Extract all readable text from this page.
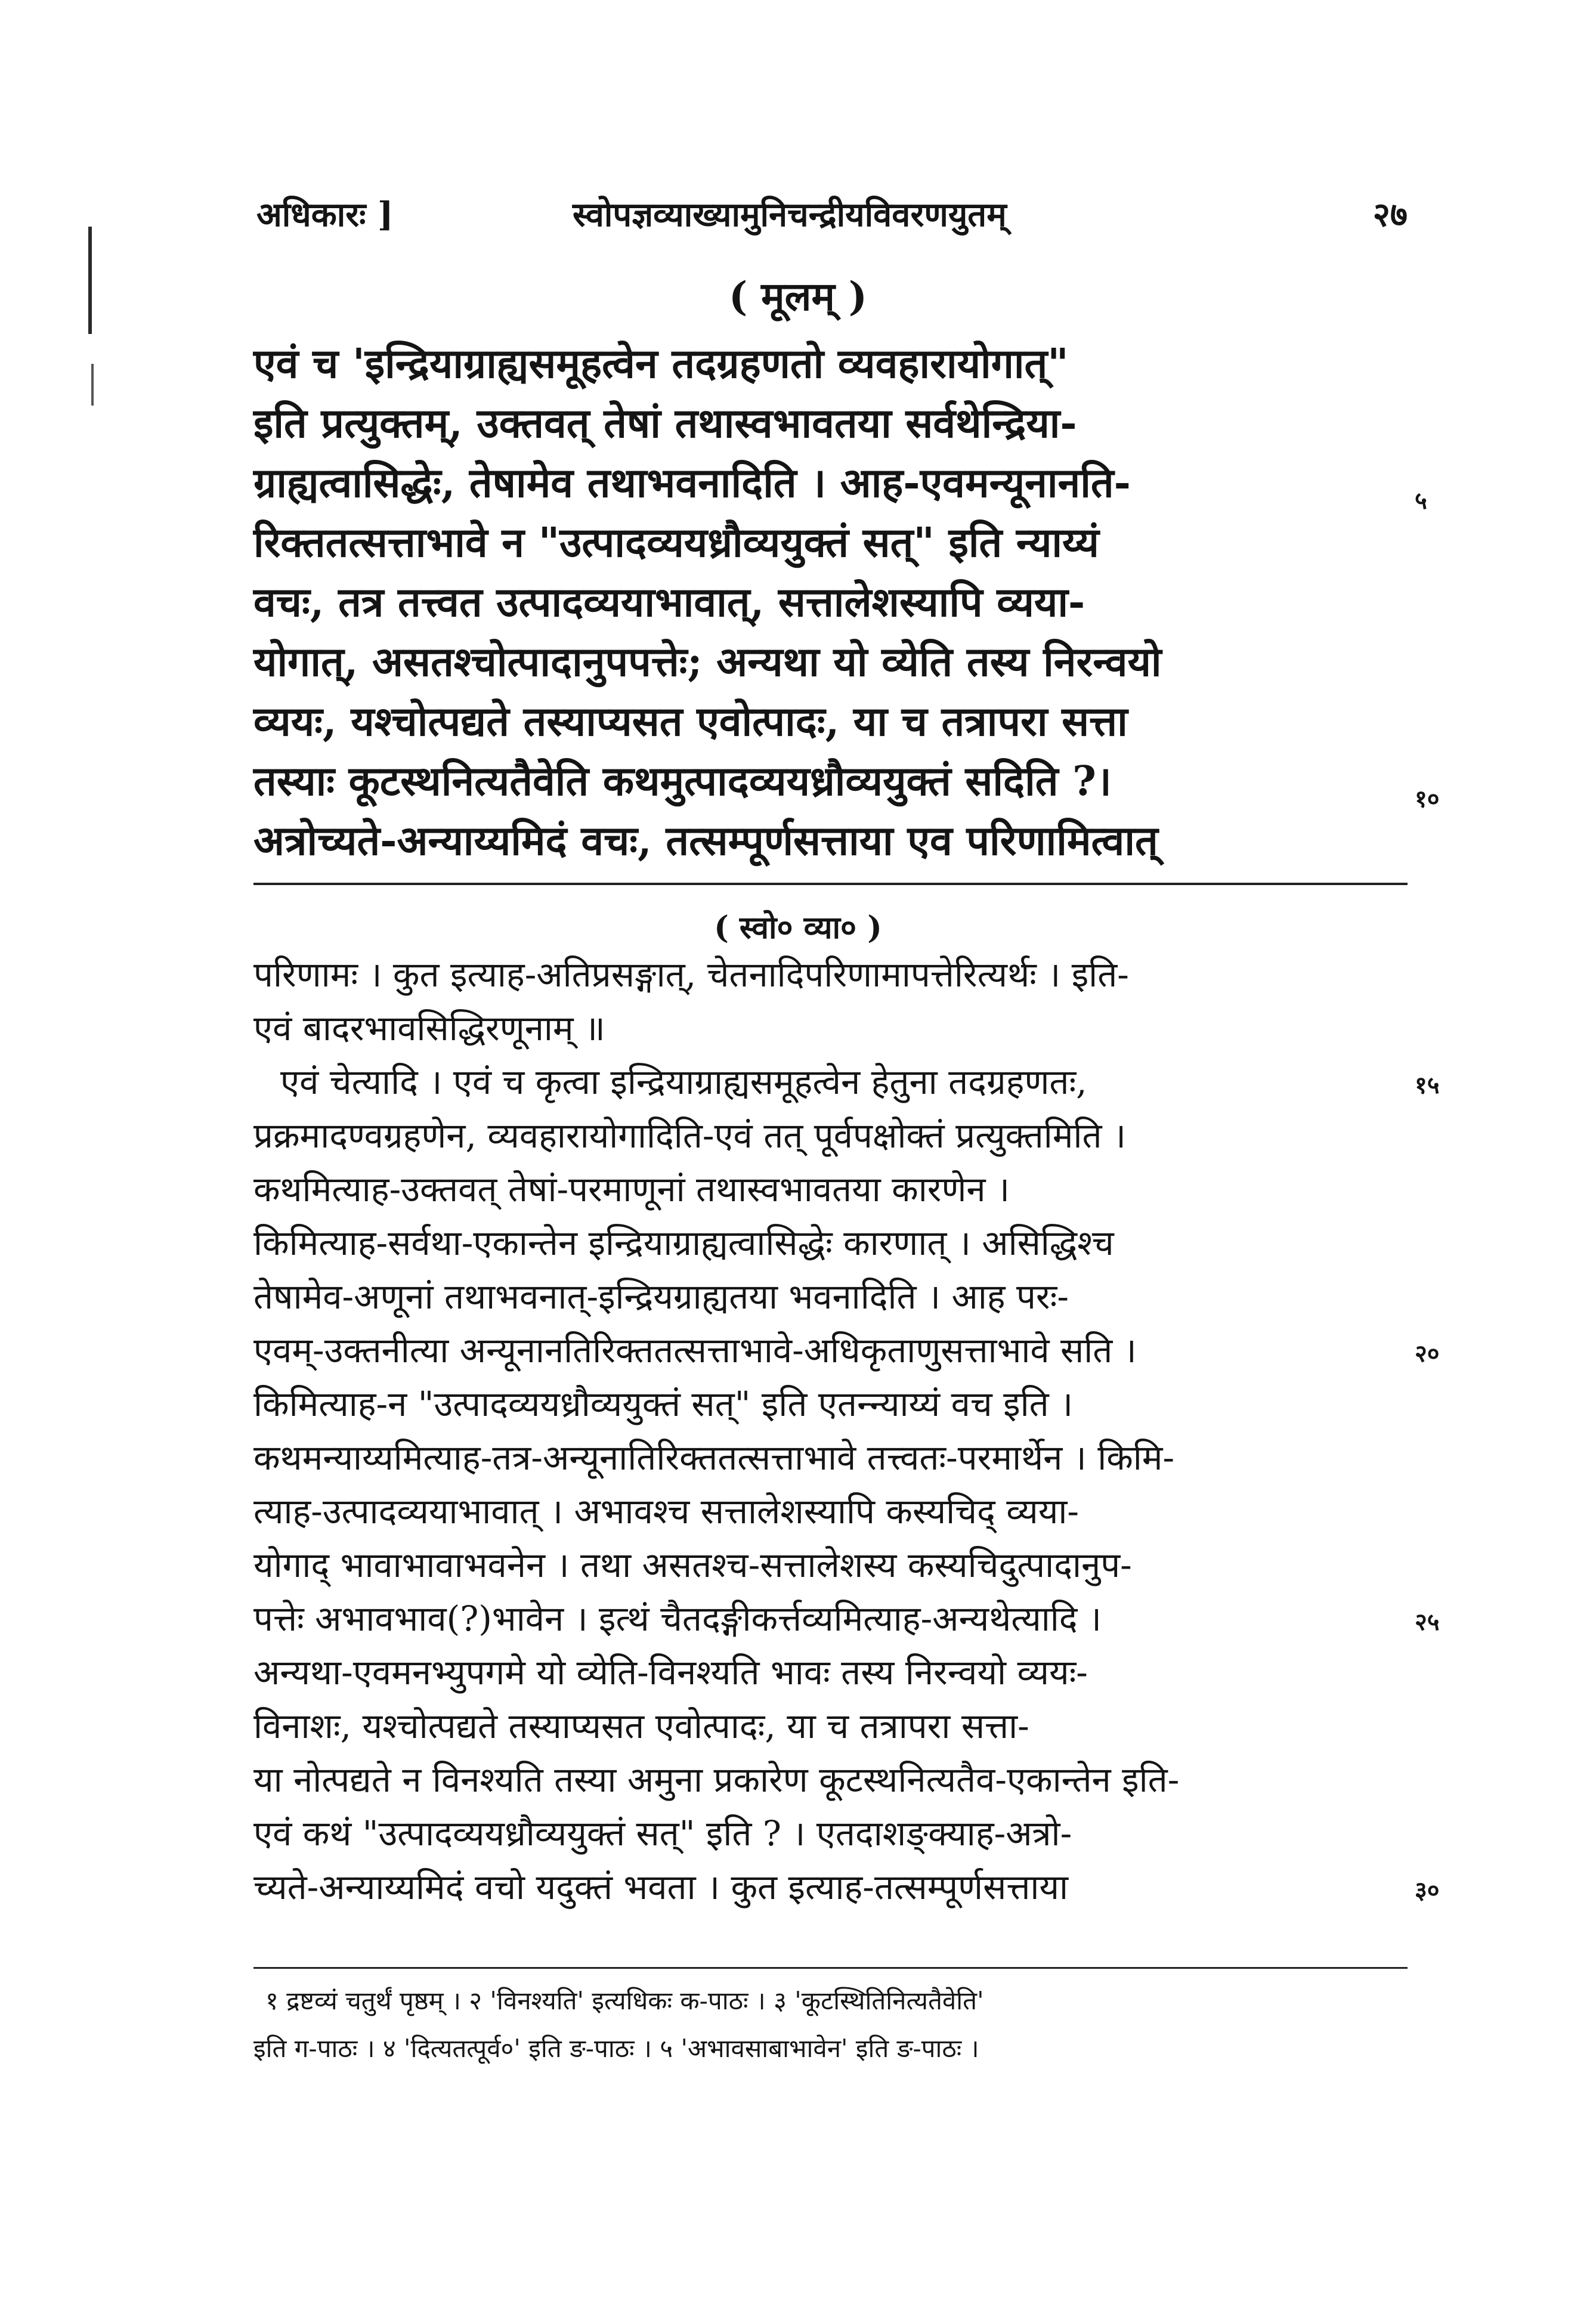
अधिकारः ]	स्वोपज्ञव्याख्यामुनिचन्द्रीयविवरणयुतम्	२७
( मूलम् )
एवं च 'इन्द्रियाग्राह्यसमूहत्वेन तदग्रहणतो व्यवहारायोगात्"
इति प्रत्युक्तम्, उक्तवत् तेषां तथास्वभावतया सर्वथेन्द्रिया-
ग्राह्यत्वासिद्धेः, तेषामेव तथाभवनादिति । आह-एवमन्यूनानति-
रिक्ततत्सत्ताभावे न "उत्पादव्ययध्रौव्ययुक्तं सत्" इति न्याय्यं
वचः, तत्र तत्त्वत उत्पादव्ययाभावात्, सत्तालेशस्यापि व्यया-
योगात्, असतश्चोत्पादानुपपत्तेः; अन्यथा यो व्येति तस्य निरन्वयो
व्ययः, यश्चोत्पद्यते तस्याप्यसत एवोत्पादः, या च तत्रापरा सत्ता
तस्याः कूटस्थनित्यतैवेति कथमुत्पादव्ययध्रौव्ययुक्तं सदिति ?।
अत्रोच्यते-अन्याय्यमिदं वचः, तत्सम्पूर्णसत्ताया एव परिणामित्वात्
( स्वो० व्या० )
परिणामः । कुत इत्याह-अतिप्रसङ्गात्, चेतनादिपरिणामापत्तेरित्यर्थः । इति-
एवं बादरभावसिद्धिरणूनाम् ॥
एवं चेत्यादि । एवं च कृत्वा इन्द्रियाग्राह्यसमूहत्वेन हेतुना तदग्रहणतः,
प्रक्रमादण्वग्रहणेन, व्यवहारायोगादिति-एवं तत् पूर्वपक्षोक्तं प्रत्युक्तमिति ।
कथमित्याह-उक्तवत् तेषां-परमाणूनां तथास्वभावतया कारणेन ।
किमित्याह-सर्वथा-एकान्तेन इन्द्रियाग्राह्यत्वासिद्धेः कारणात् । असिद्धिश्च
तेषामेव-अणूनां तथाभवनात्-इन्द्रियग्राह्यतया भवनादिति । आह परः-
एवम्-उक्तनीत्या अन्यूनानतिरिक्ततत्सत्ताभावे-अधिकृताणुसत्ताभावे सति ।
किमित्याह-न "उत्पादव्ययध्रौव्ययुक्तं सत्" इति एतन्न्याय्यं वच इति ।
कथमन्याय्यमित्याह-तत्र-अन्यूनातिरिक्ततत्सत्ताभावे तत्त्वतः-परमार्थेन । किमि-
त्याह-उत्पादव्ययाभावात् । अभावश्च सत्तालेशस्यापि कस्यचिद् व्यया-
योगाद् भावाभावाभवनेन । तथा असतश्च-सत्तालेशस्य कस्यचिदुत्पादानुप-
पत्तेः अभावभाव(?)भावेन । इत्थं चैतदङ्गीकर्त्तव्यमित्याह-अन्यथेत्यादि ।
अन्यथा-एवमनभ्युपगमे यो व्येति-विनश्यति भावः तस्य निरन्वयो व्ययः-
विनाशः, यश्चोत्पद्यते तस्याप्यसत एवोत्पादः, या च तत्रापरा सत्ता-
या नोत्पद्यते न विनश्यति तस्या अमुना प्रकारेण कूटस्थनित्यतैव-एकान्तेन इति-
एवं कथं "उत्पादव्ययध्रौव्ययुक्तं सत्" इति ? । एतदाशङ्क्याह-अत्रो-
च्यते-अन्याय्यमिदं वचो यदुक्तं भवता । कुत इत्याह-तत्सम्पूर्णसत्ताया
५
१०
१५
२०
२५
३०
१ द्रष्टव्यं चतुर्थं पृष्ठम् । २ 'विनश्यति' इत्यधिकः क-पाठः । ३ 'कूटस्थितिनित्यतैवेति'
इति ग-पाठः । ४ 'दित्यतत्पूर्व०' इति ङ-पाठः । ५ 'अभावसाबाभावेन' इति ङ-पाठः ।
